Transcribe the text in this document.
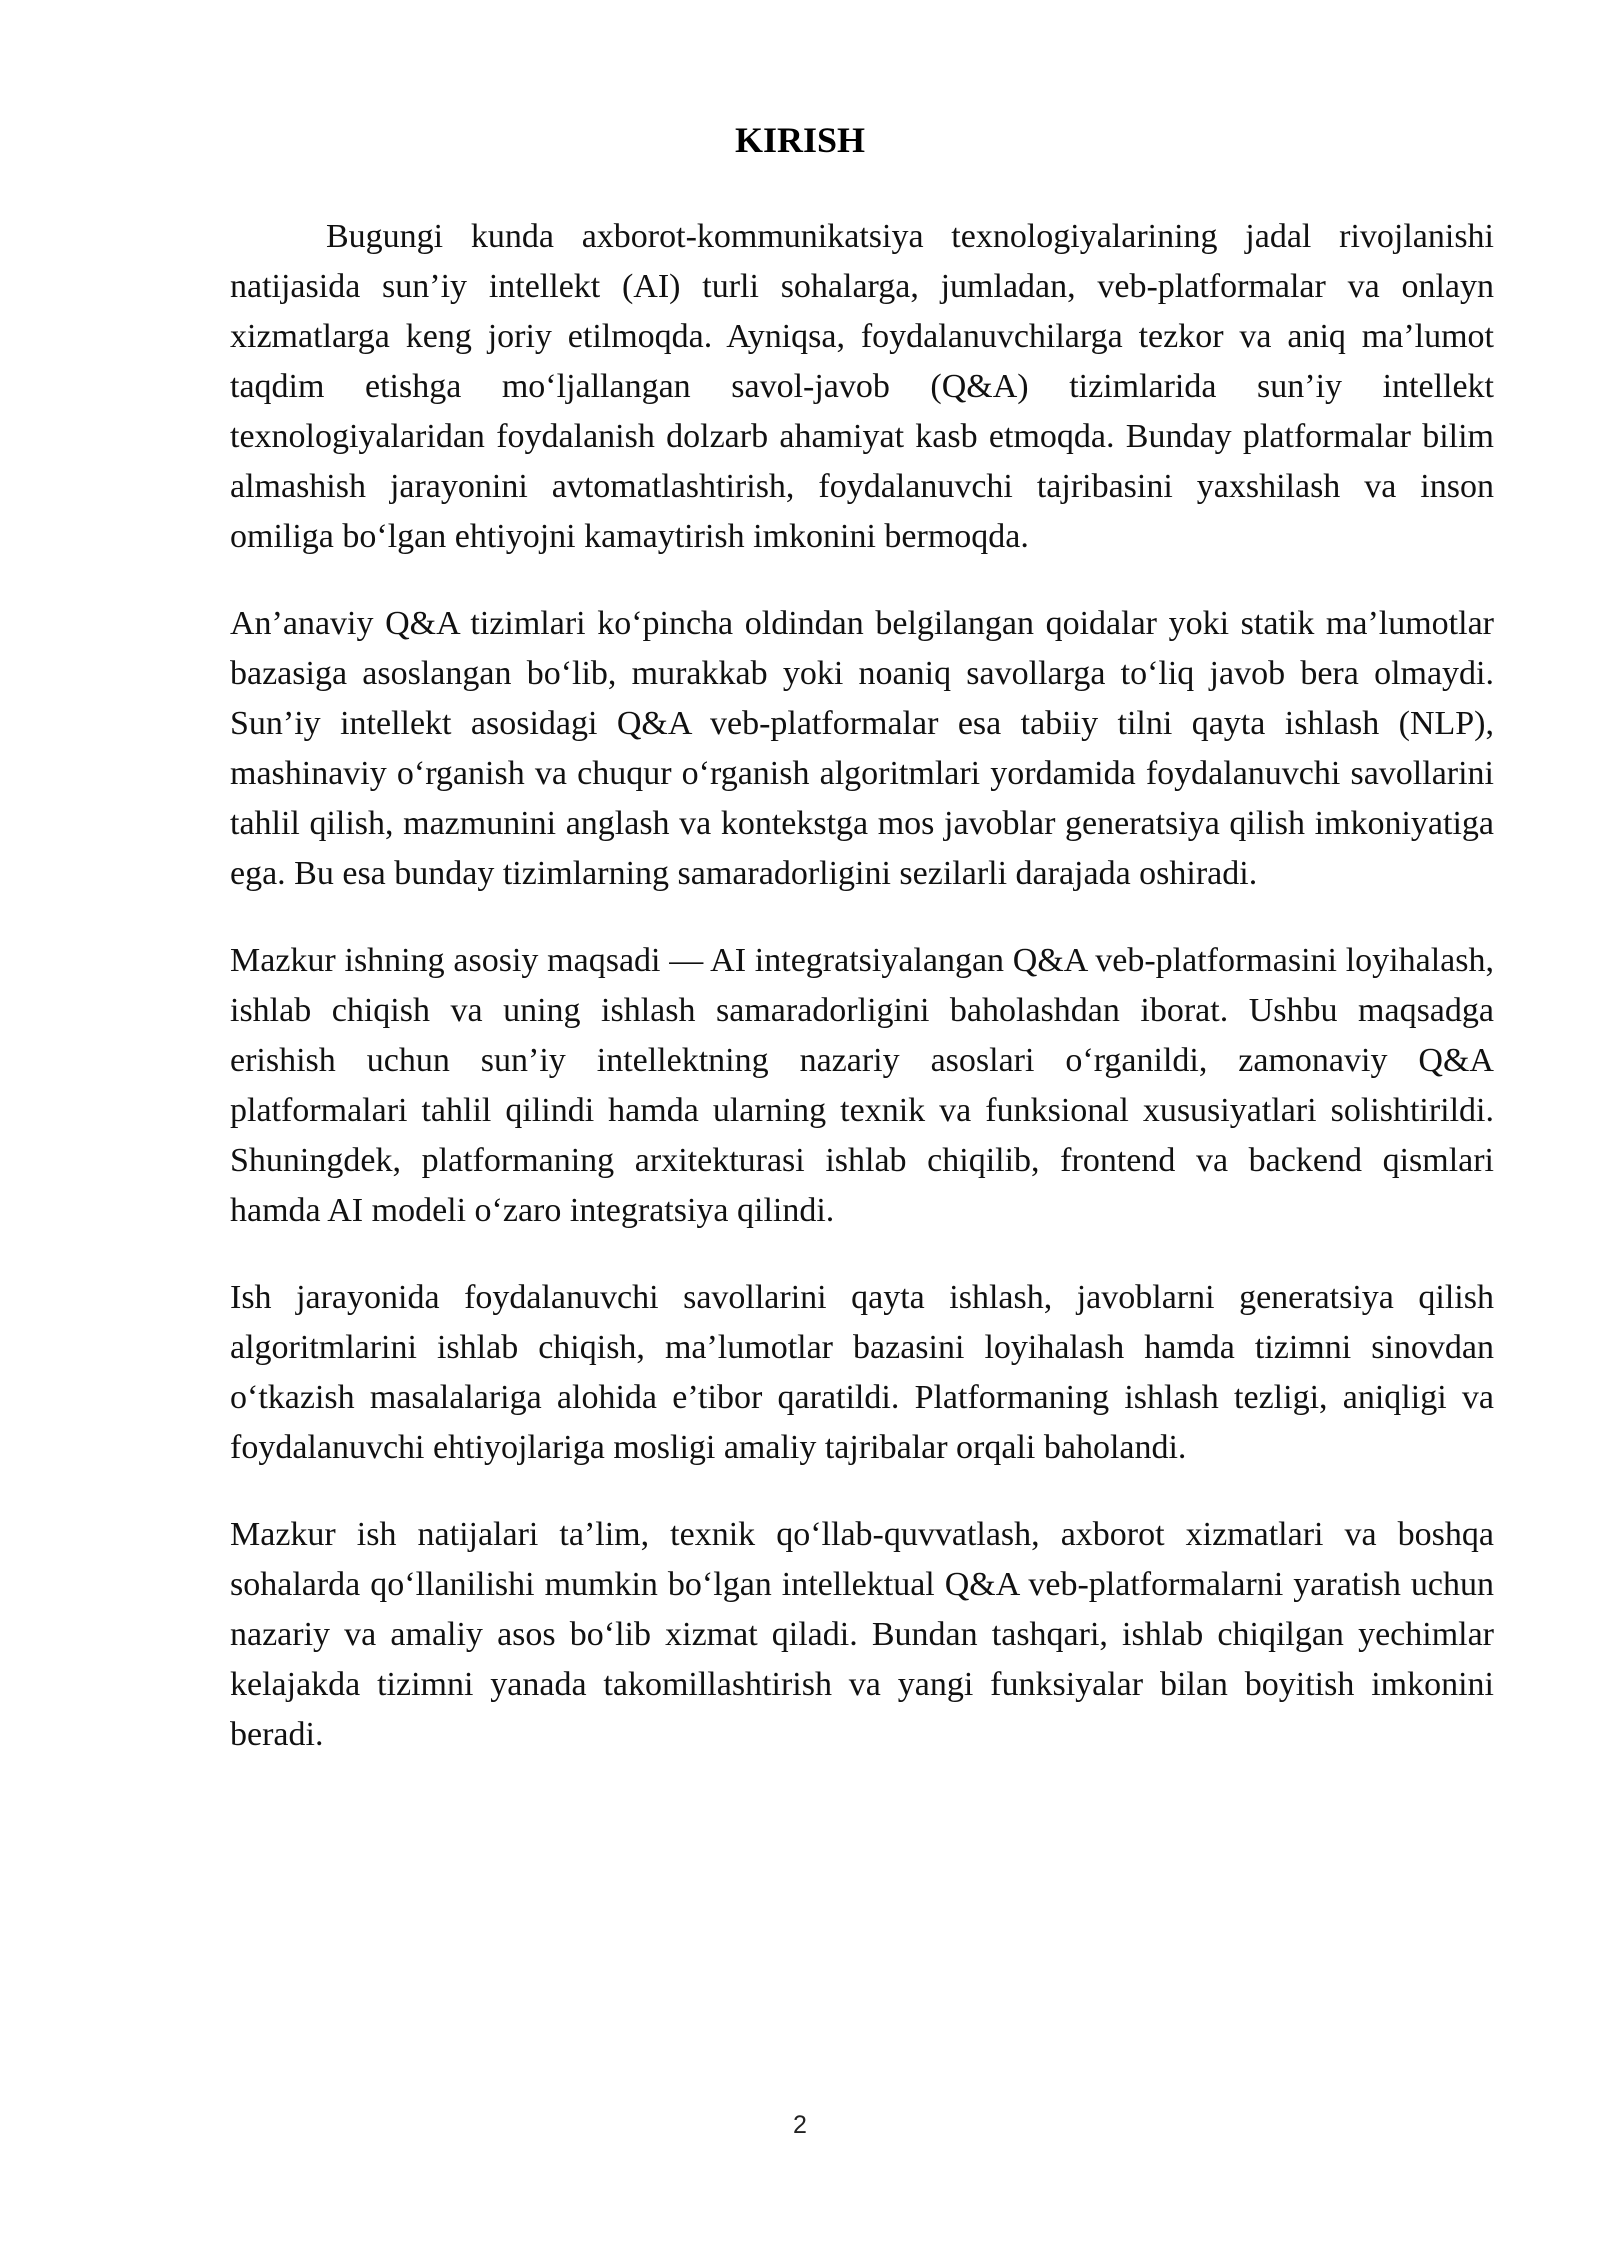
KIRISH

Bugungi kunda axborot-kommunikatsiya texnologiyalarining jadal rivojlanishi natijasida sun’iy intellekt (AI) turli sohalarga, jumladan, veb-platformalar va onlayn xizmatlarga keng joriy etilmoqda. Ayniqsa, foydalanuvchilarga tezkor va aniq ma’lumot taqdim etishga mo‘ljallangan savol-javob (Q&A) tizimlarida sun’iy intellekt texnologiyalaridan foydalanish dolzarb ahamiyat kasb etmoqda. Bunday platformalar bilim almashish jarayonini avtomatlashtirish, foydalanuvchi tajribasini yaxshilash va inson omiliga bo‘lgan ehtiyojni kamaytirish imkonini bermoqda.

An’anaviy Q&A tizimlari ko‘pincha oldindan belgilangan qoidalar yoki statik ma’lumotlar bazasiga asoslangan bo‘lib, murakkab yoki noaniq savollarga to‘liq javob bera olmaydi. Sun’iy intellekt asosidagi Q&A veb-platformalar esa tabiiy tilni qayta ishlash (NLP), mashinaviy o‘rganish va chuqur o‘rganish algoritmlari yordamida foydalanuvchi savollarini tahlil qilish, mazmunini anglash va kontekstga mos javoblar generatsiya qilish imkoniyatiga ega. Bu esa bunday tizimlarning samaradorligini sezilarli darajada oshiradi.

Mazkur ishning asosiy maqsadi — AI integratsiyalangan Q&A veb-platformasini loyihalash, ishlab chiqish va uning ishlash samaradorligini baholashdan iborat. Ushbu maqsadga erishish uchun sun’iy intellektning nazariy asoslari o‘rganildi, zamonaviy Q&A platformalari tahlil qilindi hamda ularning texnik va funksional xususiyatlari solishtirildi. Shuningdek, platformaning arxitekturasi ishlab chiqilib, frontend va backend qismlari hamda AI modeli o‘zaro integratsiya qilindi.

Ish jarayonida foydalanuvchi savollarini qayta ishlash, javoblarni generatsiya qilish algoritmlarini ishlab chiqish, ma’lumotlar bazasini loyihalash hamda tizimni sinovdan o‘tkazish masalalariga alohida e’tibor qaratildi. Platformaning ishlash tezligi, aniqligi va foydalanuvchi ehtiyojlariga mosligi amaliy tajribalar orqali baholandi.

Mazkur ish natijalari ta’lim, texnik qo‘llab-quvvatlash, axborot xizmatlari va boshqa sohalarda qo‘llanilishi mumkin bo‘lgan intellektual Q&A veb-platformalarni yaratish uchun nazariy va amaliy asos bo‘lib xizmat qiladi. Bundan tashqari, ishlab chiqilgan yechimlar kelajakda tizimni yanada takomillashtirish va yangi funksiyalar bilan boyitish imkonini beradi.

2
